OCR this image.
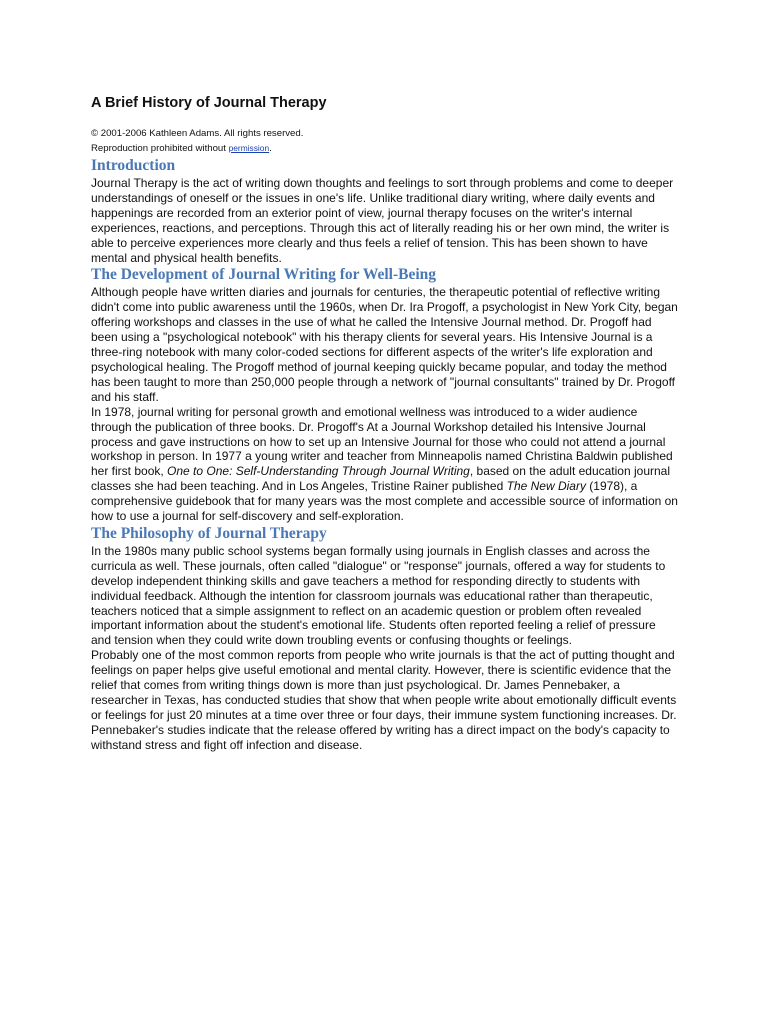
A Brief History of Journal Therapy
© 2001-2006 Kathleen Adams. All rights reserved.
Reproduction prohibited without permission.
Introduction

Journal Therapy is the act of writing down thoughts and feelings to sort through problems and come to deeper understandings of oneself or the issues in one's life. Unlike traditional diary writing, where daily events and happenings are recorded from an exterior point of view, journal therapy focuses on the writer's internal experiences, reactions, and perceptions. Through this act of literally reading his or her own mind, the writer is able to perceive experiences more clearly and thus feels a relief of tension. This has been shown to have mental and physical health benefits.

The Development of Journal Writing for Well-Being

Although people have written diaries and journals for centuries, the therapeutic potential of reflective writing didn't come into public awareness until the 1960s, when Dr. Ira Progoff, a psychologist in New York City, began offering workshops and classes in the use of what he called the Intensive Journal method. Dr. Progoff had been using a "psychological notebook" with his therapy clients for several years. His Intensive Journal is a three-ring notebook with many color-coded sections for different aspects of the writer's life exploration and psychological healing. The Progoff method of journal keeping quickly became popular, and today the method has been taught to more than 250,000 people through a network of "journal consultants" trained by Dr. Progoff and his staff.

In 1978, journal writing for personal growth and emotional wellness was introduced to a wider audience through the publication of three books. Dr. Progoff's At a Journal Workshop detailed his Intensive Journal process and gave instructions on how to set up an Intensive Journal for those who could not attend a journal workshop in person. In 1977 a young writer and teacher from Minneapolis named Christina Baldwin published her first book, One to One: Self-Understanding Through Journal Writing, based on the adult education journal classes she had been teaching. And in Los Angeles, Tristine Rainer published The New Diary (1978), a comprehensive guidebook that for many years was the most complete and accessible source of information on how to use a journal for self-discovery and self-exploration.

The Philosophy of Journal Therapy

In the 1980s many public school systems began formally using journals in English classes and across the curricula as well. These journals, often called "dialogue" or "response" journals, offered a way for students to develop independent thinking skills and gave teachers a method for responding directly to students with individual feedback. Although the intention for classroom journals was educational rather than therapeutic, teachers noticed that a simple assignment to reflect on an academic question or problem often revealed important information about the student's emotional life. Students often reported feeling a relief of pressure and tension when they could write down troubling events or confusing thoughts or feelings.

Probably one of the most common reports from people who write journals is that the act of putting thought and feelings on paper helps give useful emotional and mental clarity. However, there is scientific evidence that the relief that comes from writing things down is more than just psychological. Dr. James Pennebaker, a researcher in Texas, has conducted studies that show that when people write about emotionally difficult events or feelings for just 20 minutes at a time over three or four days, their immune system functioning increases. Dr. Pennebaker's studies indicate that the release offered by writing has a direct impact on the body's capacity to withstand stress and fight off infection and disease.
